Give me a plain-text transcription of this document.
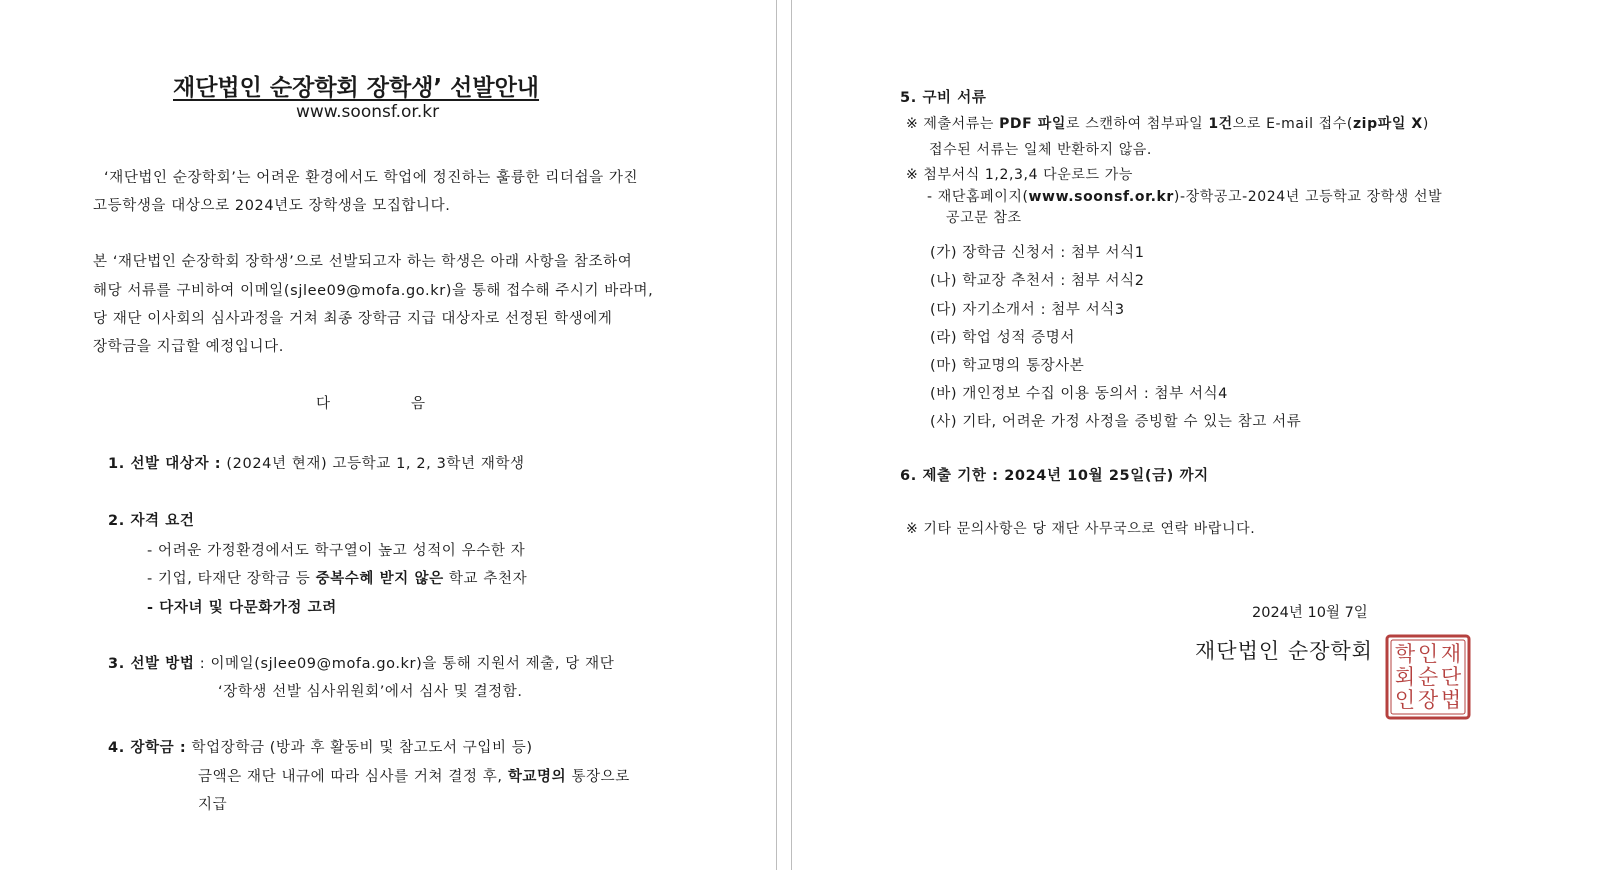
재단법인 순장학회 장학생’ 선발안내
www.soonsf.or.kr
‘재단법인 순장학회’는 어려운 환경에서도 학업에 정진하는 훌륭한 리더쉽을 가진
고등학생을 대상으로 2024년도 장학생을 모집합니다.
본 ‘재단법인 순장학회 장학생’으로 선발되고자 하는 학생은 아래 사항을 참조하여
해당 서류를 구비하여 이메일(sjlee09@mofa.go.kr)을 통해 접수해 주시기 바라며,
당 재단 이사회의 심사과정을 거쳐 최종 장학금 지급 대상자로 선정된 학생에게
장학금을 지급할 예정입니다.
다	음
1. 선발 대상자 : (2024년 현재) 고등학교 1, 2, 3학년 재학생
2. 자격 요건
- 어려운 가정환경에서도 학구열이 높고 성적이 우수한 자
- 기업, 타재단 장학금 등 중복수혜 받지 않은 학교 추천자
- 다자녀 및 다문화가정 고려
3. 선발 방법 : 이메일(sjlee09@mofa.go.kr)을 통해 지원서 제출, 당 재단
‘장학생 선발 심사위원회’에서 심사 및 결정함.
4. 장학금 : 학업장학금 (방과 후 활동비 및 참고도서 구입비 등)
금액은 재단 내규에 따라 심사를 거쳐 결정 후, 학교명의 통장으로
지급
5. 구비 서류
※ 제출서류는 PDF 파일로 스캔하여 첨부파일 1건으로 E-mail 접수(zip파일 X)
접수된 서류는 일체 반환하지 않음.
※ 첨부서식 1,2,3,4 다운로드 가능
- 재단홈페이지(www.soonsf.or.kr)-장학공고-2024년 고등학교 장학생 선발
공고문 참조
(가) 장학금 신청서 : 첨부 서식1
(나) 학교장 추천서 : 첨부 서식2
(다) 자기소개서 : 첨부 서식3
(라) 학업 성적 증명서
(마) 학교명의 통장사본
(바) 개인정보 수집 이용 동의서 : 첨부 서식4
(사) 기타, 어려운 가정 사정을 증빙할 수 있는 참고 서류
6. 제출 기한 : 2024년 10월 25일(금) 까지
※ 기타 문의사항은 당 재단 사무국으로 연락 바랍니다.
2024년 10월 7일
재단법인 순장학회	재
단
법
인
순
장
학
회
인
